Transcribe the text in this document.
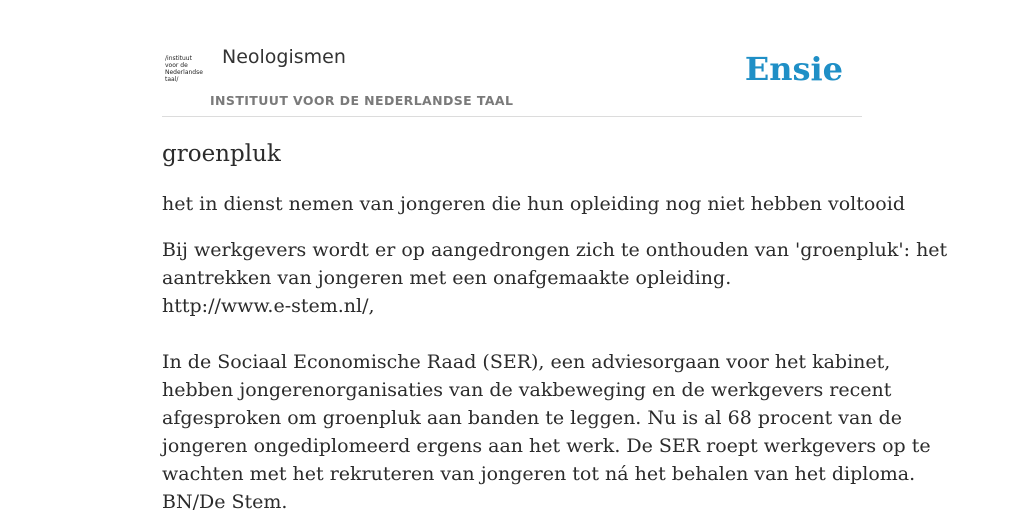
/instituut
voor de
Nederlandse
taal/
Neologismen
INSTITUUT VOOR DE NEDERLANDSE TAAL
Ensie
groenpluk

het in dienst nemen van jongeren die hun opleiding nog niet hebben voltooid

Bij werkgevers wordt er op aangedrongen zich te onthouden van 'groenpluk': het
aantrekken van jongeren met een onafgemaakte opleiding.
http://www.e-stem.nl/,
In de Sociaal Economische Raad (SER), een adviesorgaan voor het kabinet,
hebben jongerenorganisaties van de vakbeweging en de werkgevers recent
afgesproken om groenpluk aan banden te leggen. Nu is al 68 procent van de
jongeren ongediplomeerd ergens aan het werk. De SER roept werkgevers op te
wachten met het rekruteren van jongeren tot ná het behalen van het diploma.
BN/De Stem.
